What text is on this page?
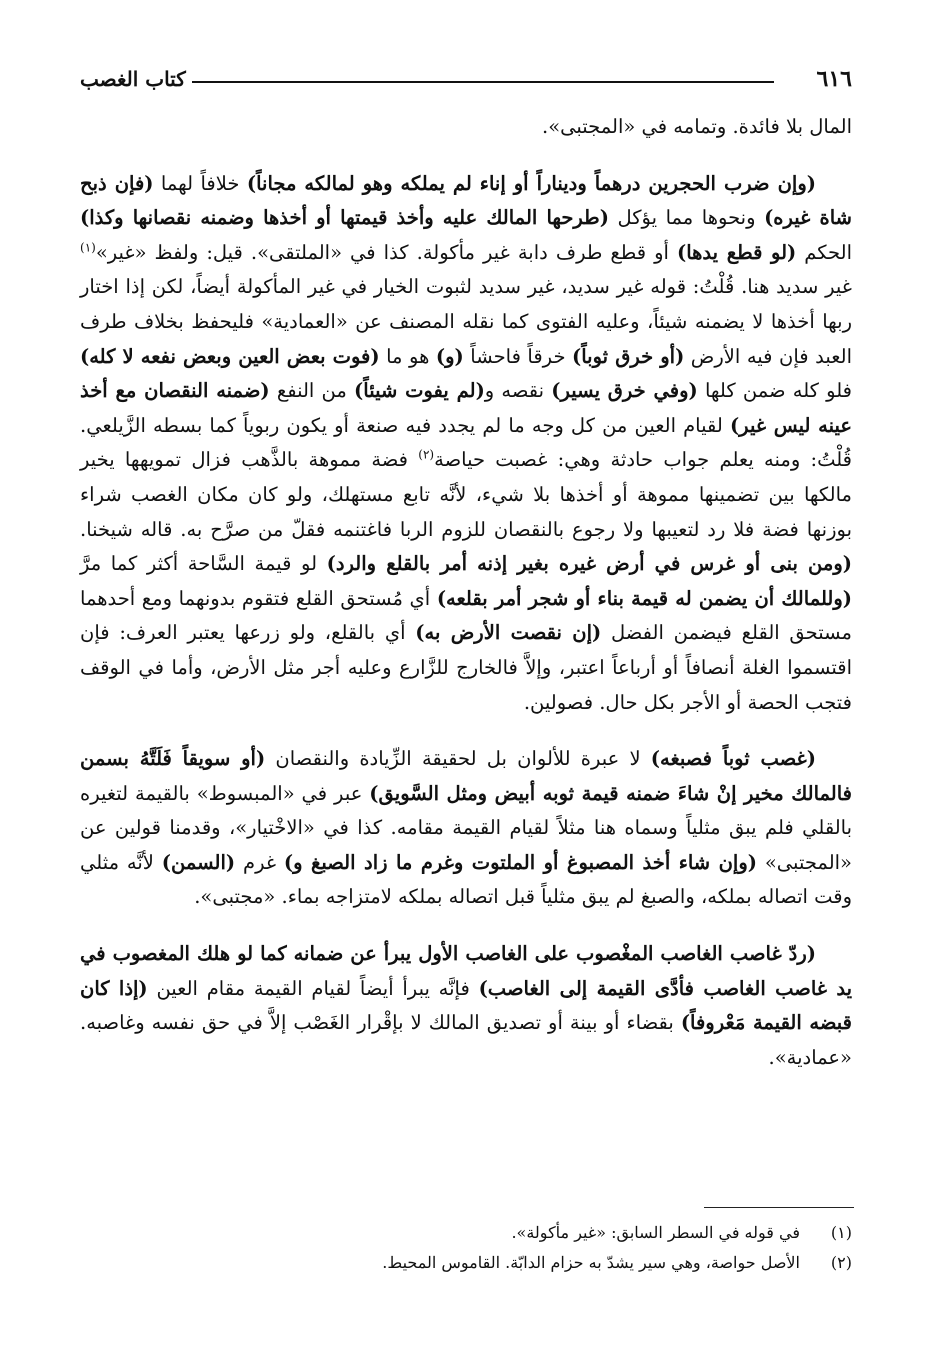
٦١٦
كتاب الغصب

المال بلا فائدة. وتمامه في «المجتبى».

(وإن ضرب الحجرين درهماً وديناراً أو إناء لم يملكه وهو لمالكه مجاناً) خلافاً لهما (فإن ذبح شاة غيره) ونحوها مما يؤكل (طرحها المالك عليه وأخذ قيمتها أو أخذها وضمنه نقصانها وكذا) الحكم (لو قطع يدها) أو قطع طرف دابة غير مأكولة. كذا في «الملتقى». قيل: ولفظ «غير»$^{(١)}$ غير سديد هنا. قُلْتُ: قوله غير سديد، غير سديد لثبوت الخيار في غير المأكولة أيضاً، لكن إذا اختار ربها أخذها لا يضمنه شيئاً، وعليه الفتوى كما نقله المصنف عن «العمادية» فليحفظ بخلاف طرف العبد فإن فيه الأرض (أو خرق ثوباً) خرقاً فاحشاً (و) هو ما (فوت بعض العين وبعض نفعه لا كله) فلو كله ضمن كلها (وفي خرق يسير) نقصه و(لم يفوت شيئاً) من النفع (ضمنه النقصان مع أخذ عينه ليس غير) لقيام العين من كل وجه ما لم يجدد فيه صنعة أو يكون ربوياً كما بسطه الزَّيلعي. قُلْتُ: ومنه يعلم جواب حادثة وهي: غصبت حياصة$^{(٢)}$ فضة مموهة بالذَّهب فزال تمويهها يخير مالكها بين تضمينها مموهة أو أخذها بلا شيء، لأنَّه تابع مستهلك، ولو كان مكان الغصب شراء بوزنها فضة فلا رد لتعيبها ولا رجوع بالنقصان للزوم الربا فاغتنمه فقلّ من صرَّح به. قاله شيخنا. (ومن بنى أو غرس في أرض غيره بغير إذنه أمر بالقلع والرد) لو قيمة السَّاحة أكثر كما مرَّ (وللمالك أن يضمن له قيمة بناء أو شجر أمر بقلعه) أي مُستحق القلع فتقوم بدونهما ومع أحدهما مستحق القلع فيضمن الفضل (إن نقصت الأرض به) أي بالقلع، ولو زرعها يعتبر العرف: فإن اقتسموا الغلة أنصافاً أو أرباعاً اعتبر، وإلاَّ فالخارج للزَّارع وعليه أجر مثل الأرض، وأما في الوقف فتجب الحصة أو الأجر بكل حال. فصولين.

(غصب ثوباً فصبغه) لا عبرة للألوان بل لحقيقة الزِّيادة والنقصان (أو سويقاً فَلَتَّهُ بسمن فالمالك مخير إنْ شاءَ ضمنه قيمة ثوبه أبيض ومثل السَّويق) عبر في «المبسوط» بالقيمة لتغيره بالقلي فلم يبق مثلياً وسماه هنا مثلاً لقيام القيمة مقامه. كذا في «الاخْتيار»، وقدمنا قولين عن «المجتبى» (وإن شاء أخذ المصبوغ أو الملتوت وغرم ما زاد الصبغ و) غرم (السمن) لأنَّه مثلي وقت اتصاله بملكه، والصبغ لم يبق مثلياً قبل اتصاله بملكه لامتزاجه بماء. «مجتبى».

(ردّ غاصب الغاصب المغْصوب على الغاصب الأول يبرأ عن ضمانه كما لو هلك المغصوب في يد غاصب الغاصب فأدَّى القيمة إلى الغاصب) فإنَّه يبرأ أيضاً لقيام القيمة مقام العين (إذا كان قبضه القيمة مَعْروفاً) بقضاء أو بينة أو تصديق المالك لا بإقْرار الغَصْب إلاَّ في حق نفسه وغاصبه. «عمادية».

(١)في قوله في السطر السابق: «غير مأكولة».

(٢)الأصل حواصة، وهي سير يشدّ به حزام الدابّة. القاموس المحيط.
